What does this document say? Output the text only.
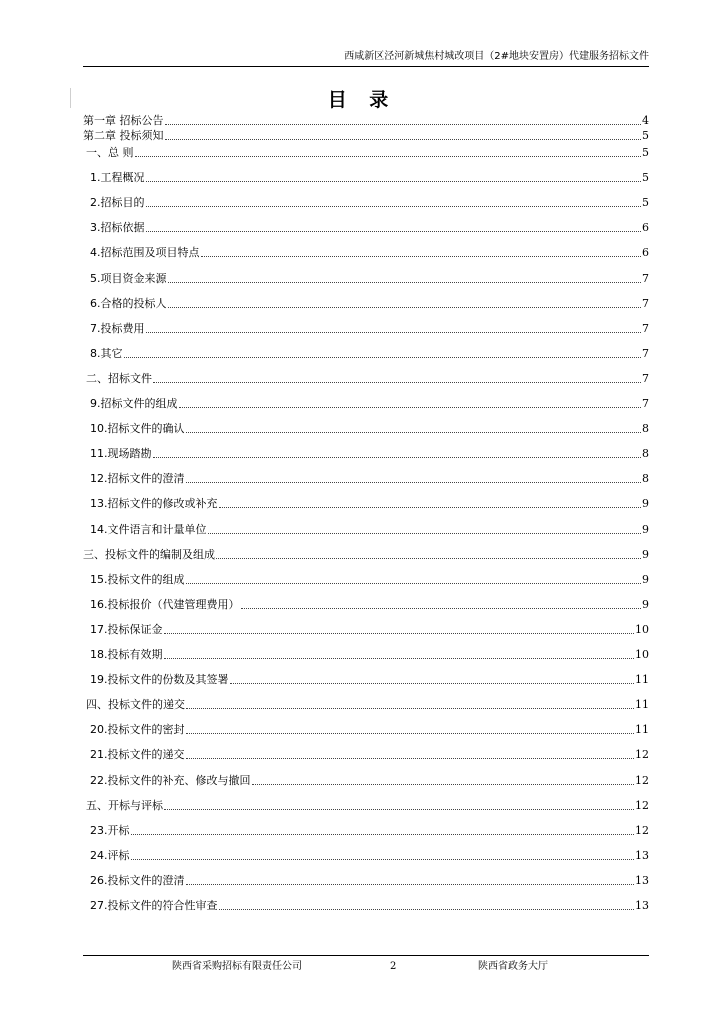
西咸新区泾河新城焦村城改项目（2#地块安置房）代建服务招标文件
目 录
第一章 招标公告	4
第二章 投标须知	5
一、总 则	5
1.工程概况	5
2.招标目的	5
3.招标依据	6
4.招标范围及项目特点	6
5.项目资金来源	7
6.合格的投标人	7
7.投标费用	7
8.其它	7
二、招标文件	7
9.招标文件的组成	7
10.招标文件的确认	8
11.现场踏勘	8
12.招标文件的澄清	8
13.招标文件的修改或补充	9
14.文件语言和计量单位	9
三、投标文件的编制及组成	9
15.投标文件的组成	9
16.投标报价（代建管理费用）	9
17.投标保证金	10
18.投标有效期	10
19.投标文件的份数及其签署	11
四、投标文件的递交	11
20.投标文件的密封	11
21.投标文件的递交	12
22.投标文件的补充、修改与撤回	12
五、开标与评标	12
23.开标	12
24.评标	13
26.投标文件的澄清	13
27.投标文件的符合性审查	13
陕西省采购招标有限责任公司	2	陕西省政务大厅
